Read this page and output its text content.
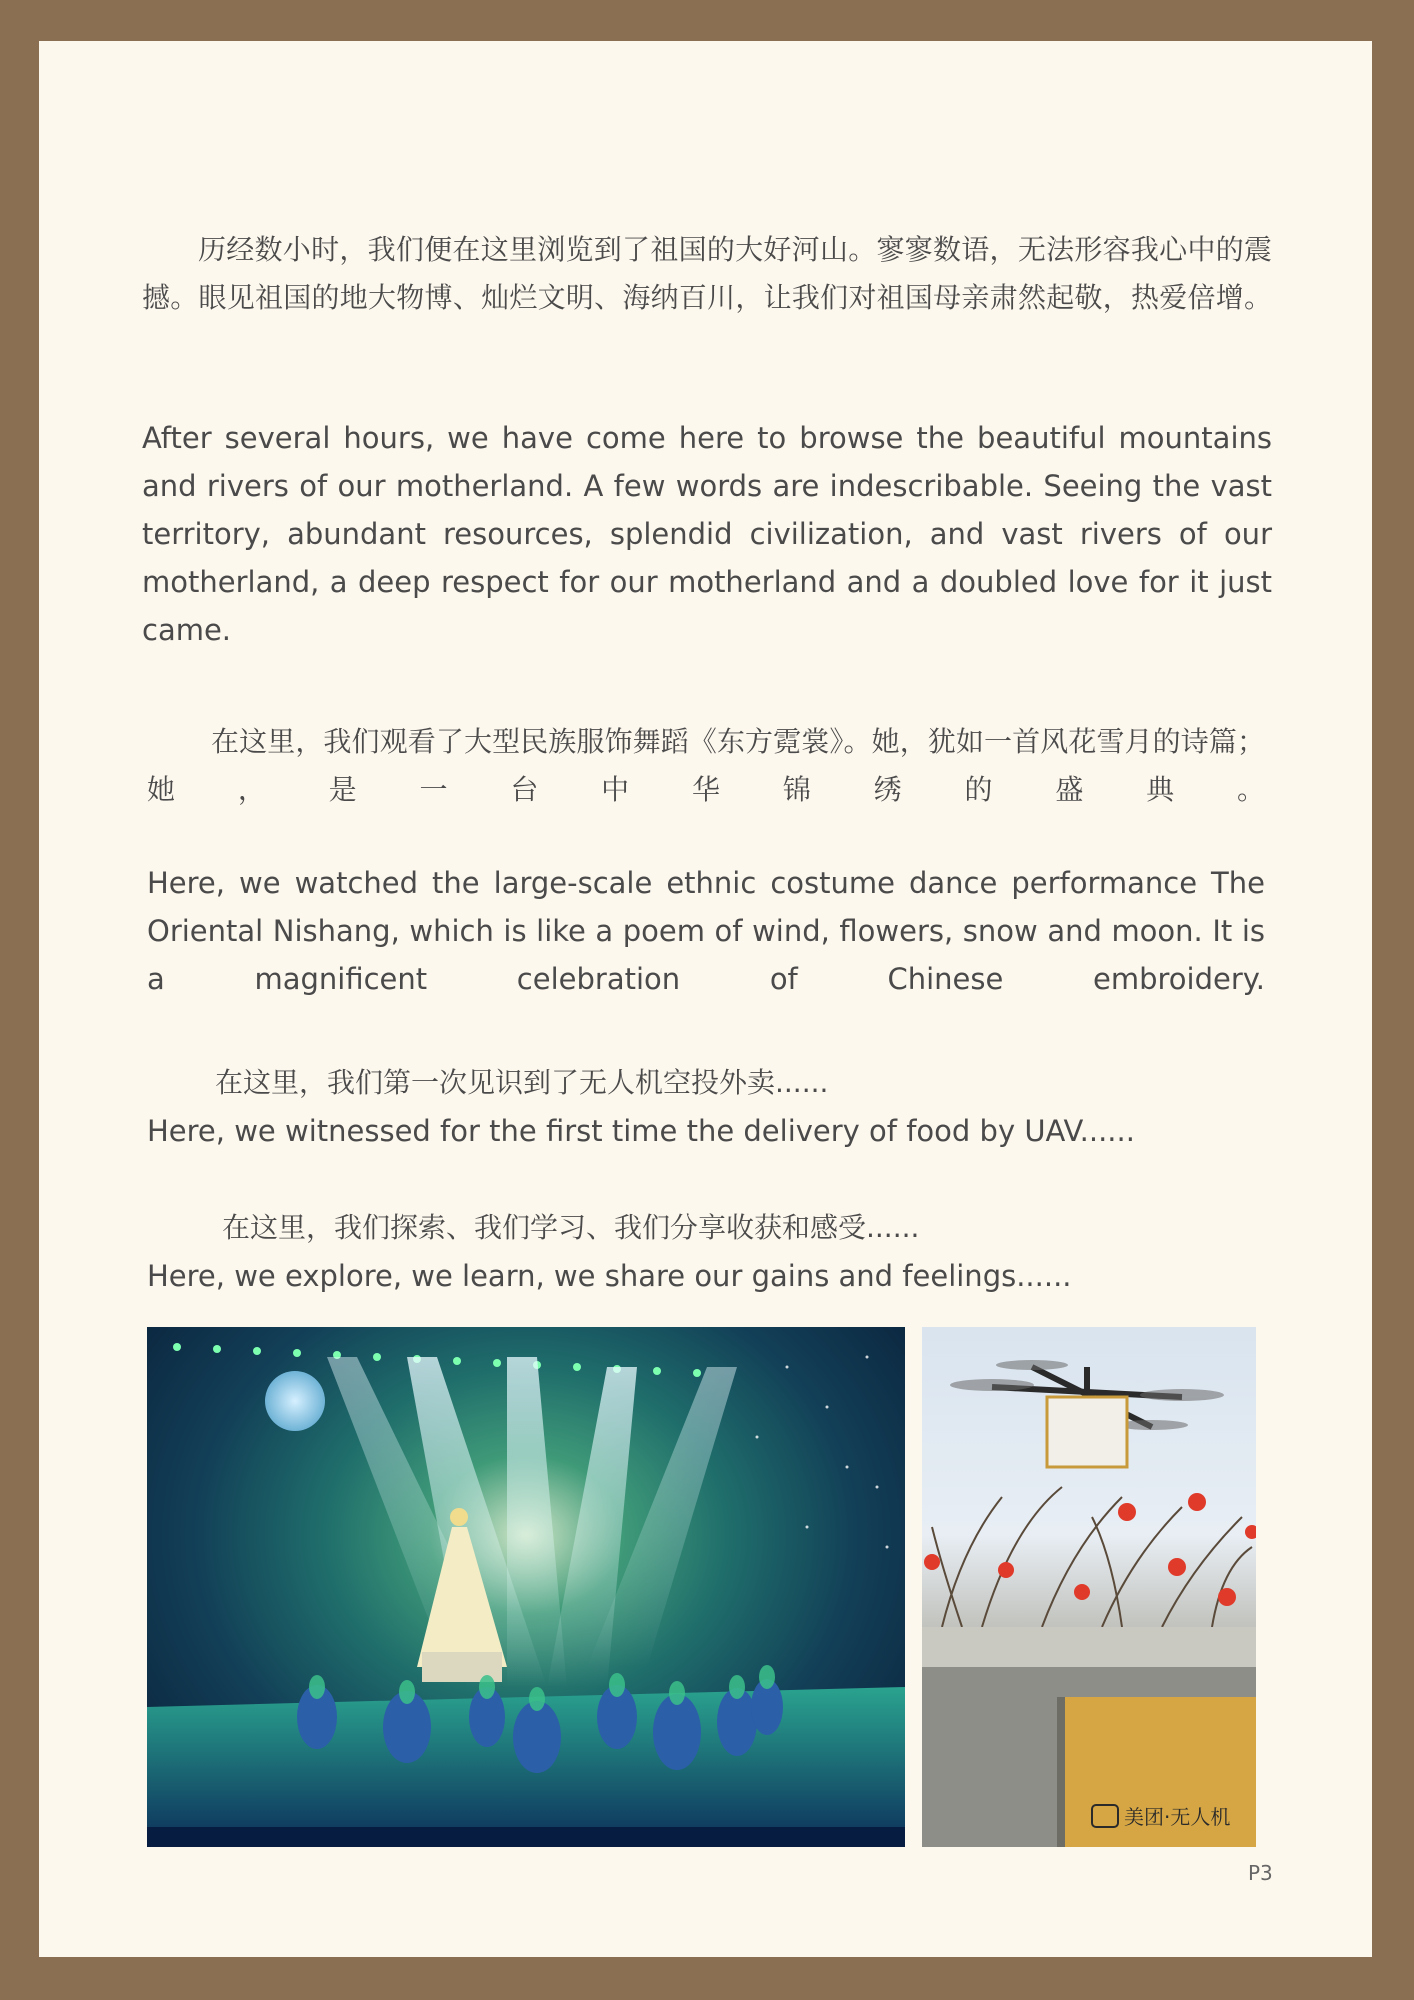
历经数小时，我们便在这里浏览到了祖国的大好河山。寥寥数语，无法形容我心中的震撼。眼见祖国的地大物博、灿烂文明、海纳百川，让我们对祖国母亲肃然起敬，热爱倍增。

After several hours, we have come here to browse the beautiful mountains and rivers of our motherland. A few words are indescribable. Seeing the vast territory, abundant resources, splendid civilization, and vast rivers of our motherland, a deep respect for our motherland and a doubled love for it just came.

在这里，我们观看了大型民族服饰舞蹈《东方霓裳》。她，犹如一首风花雪月的诗篇；她，是一台中华锦绣的盛典。

Here, we watched the large-scale ethnic costume dance performance The Oriental Nishang, which is like a poem of wind, flowers, snow and moon. It is a magnificent celebration of Chinese embroidery.

在这里，我们第一次见识到了无人机空投外卖......

Here, we witnessed for the first time the delivery of food by UAV......

在这里，我们探索、我们学习、我们分享收获和感受......

Here, we explore, we learn, we share our gains and feelings......

美团·无人机
P3
